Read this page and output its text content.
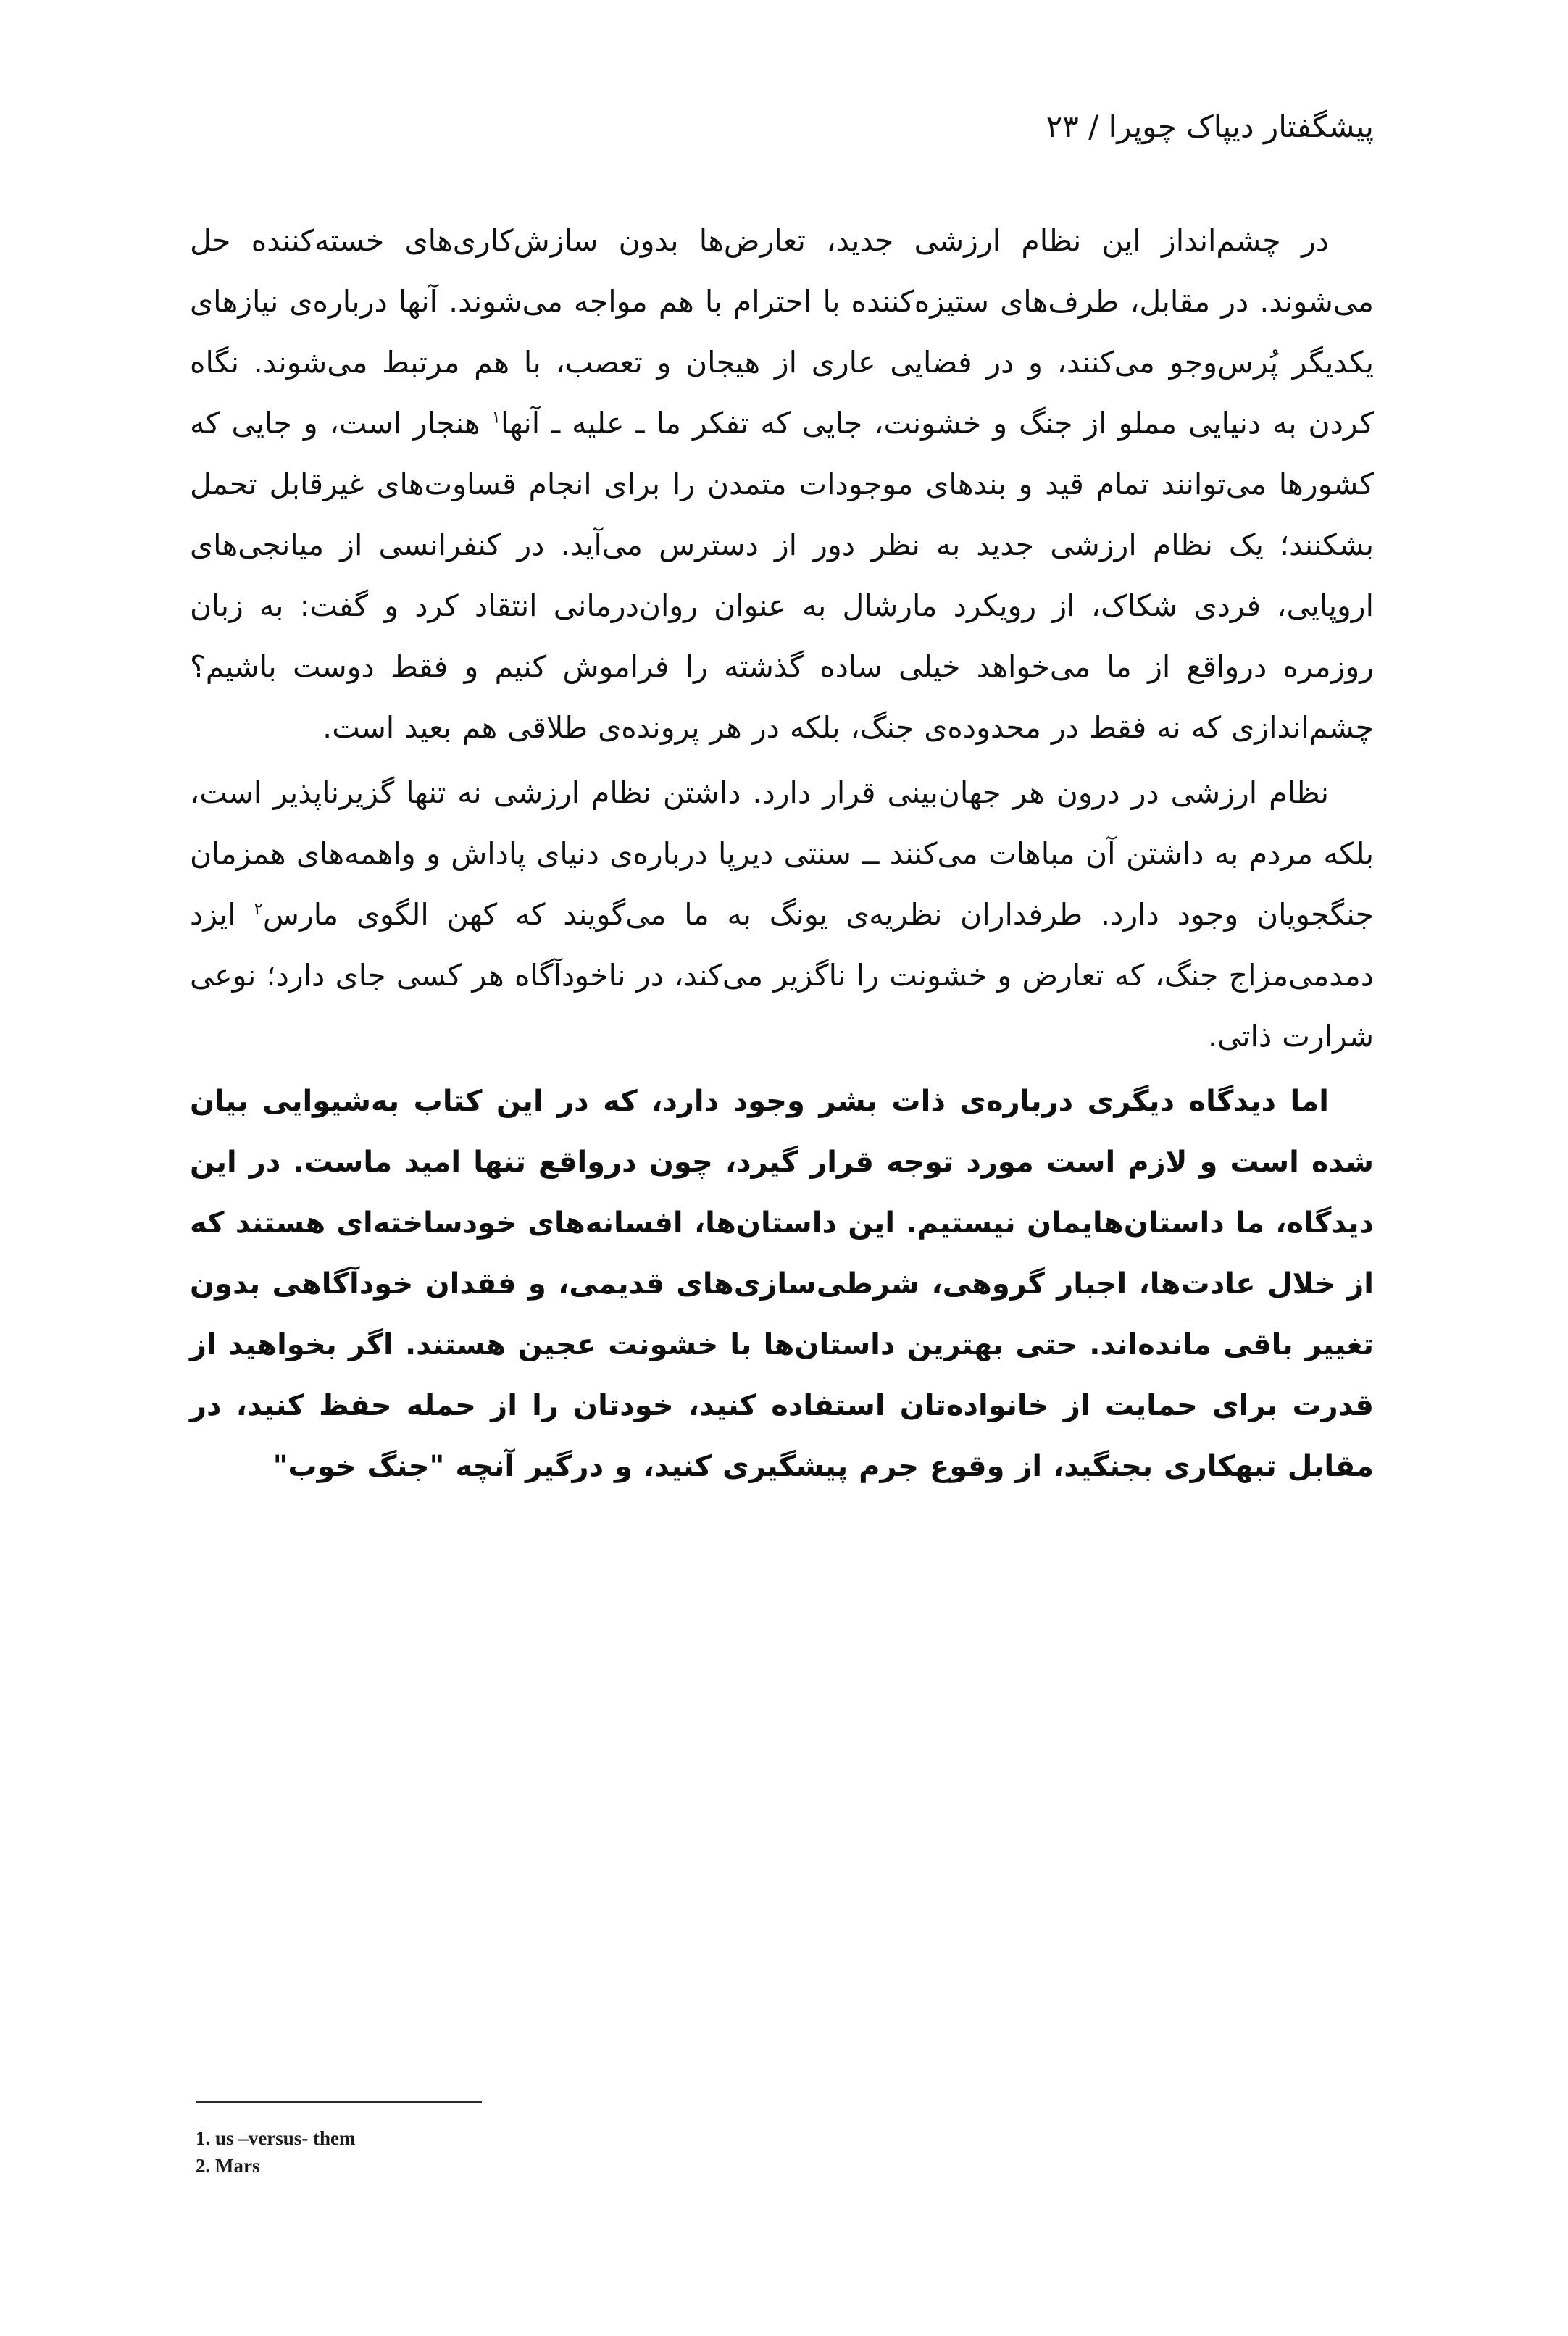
پیشگفتار دیپاک چوپرا / ۲۳

در چشم‌انداز این نظام ارزشی جدید، تعارض‌ها بدون سازش‌کاری‌های خسته‌کننده حل می‌شوند. در مقابل، طرف‌های ستیزه‌کننده با احترام با هم مواجه می‌شوند. آنها درباره‌ی نیازهای یکدیگر پُرس‌وجو می‌کنند، و در فضایی عاری از هیجان و تعصب، با هم مرتبط می‌شوند. نگاه کردن به دنیایی مملو از جنگ و خشونت، جایی که تفکر ما ـ علیه ـ آنها$^۱$ هنجار است، و جایی که کشورها می‌توانند تمام قید و بندهای موجودات متمدن را برای انجام قساوت‌های غیرقابل تحمل بشکنند؛ یک نظام ارزشی جدید به نظر دور از دسترس می‌آید. در کنفرانسی از میانجی‌های اروپایی، فردی شکاک، از رویکرد مارشال به عنوان روان‌درمانی انتقاد کرد و گفت: به زبان روزمره درواقع از ما می‌خواهد خیلی ساده گذشته را فراموش کنیم و فقط دوست باشیم؟ چشم‌اندازی که نه فقط در محدوده‌ی جنگ، بلکه در هر پرونده‌ی طلاقی هم بعید است.

نظام ارزشی در درون هر جهان‌بینی قرار دارد. داشتن نظام ارزشی نه تنها گزیرناپذیر است، بلکه مردم به داشتن آن مباهات می‌کنند ــ سنتی دیرپا درباره‌ی دنیای پاداش و واهمه‌های همزمان جنگجویان وجود دارد. طرفداران نظریه‌ی یونگ به ما می‌گویند که کهن الگوی مارس$^۲$ ایزد دمدمی‌مزاج جنگ، که تعارض و خشونت را ناگزیر می‌کند، در ناخودآگاه هر کسی جای دارد؛ نوعی شرارت ذاتی.

اما دیدگاه دیگری درباره‌ی ذات بشر وجود دارد، که در این کتاب به‌شیوایی بیان شده است و لازم است مورد توجه قرار گیرد، چون درواقع تنها امید ماست. در این دیدگاه، ما داستان‌هایمان نیستیم. این داستان‌ها، افسانه‌های خودساخته‌ای هستند که از خلال عادت‌ها، اجبار گروهی، شرطی‌سازی‌های قدیمی، و فقدان خودآگاهی بدون تغییر باقی مانده‌اند. حتی بهترین داستان‌ها با خشونت عجین هستند. اگر بخواهید از قدرت برای حمایت از خانواده‌تان استفاده کنید، خودتان را از حمله حفظ کنید، در مقابل تبهکاری بجنگید، از وقوع جرم پیشگیری کنید، و درگیر آنچه "جنگ خوب"

1. us –versus- them
2. Mars
